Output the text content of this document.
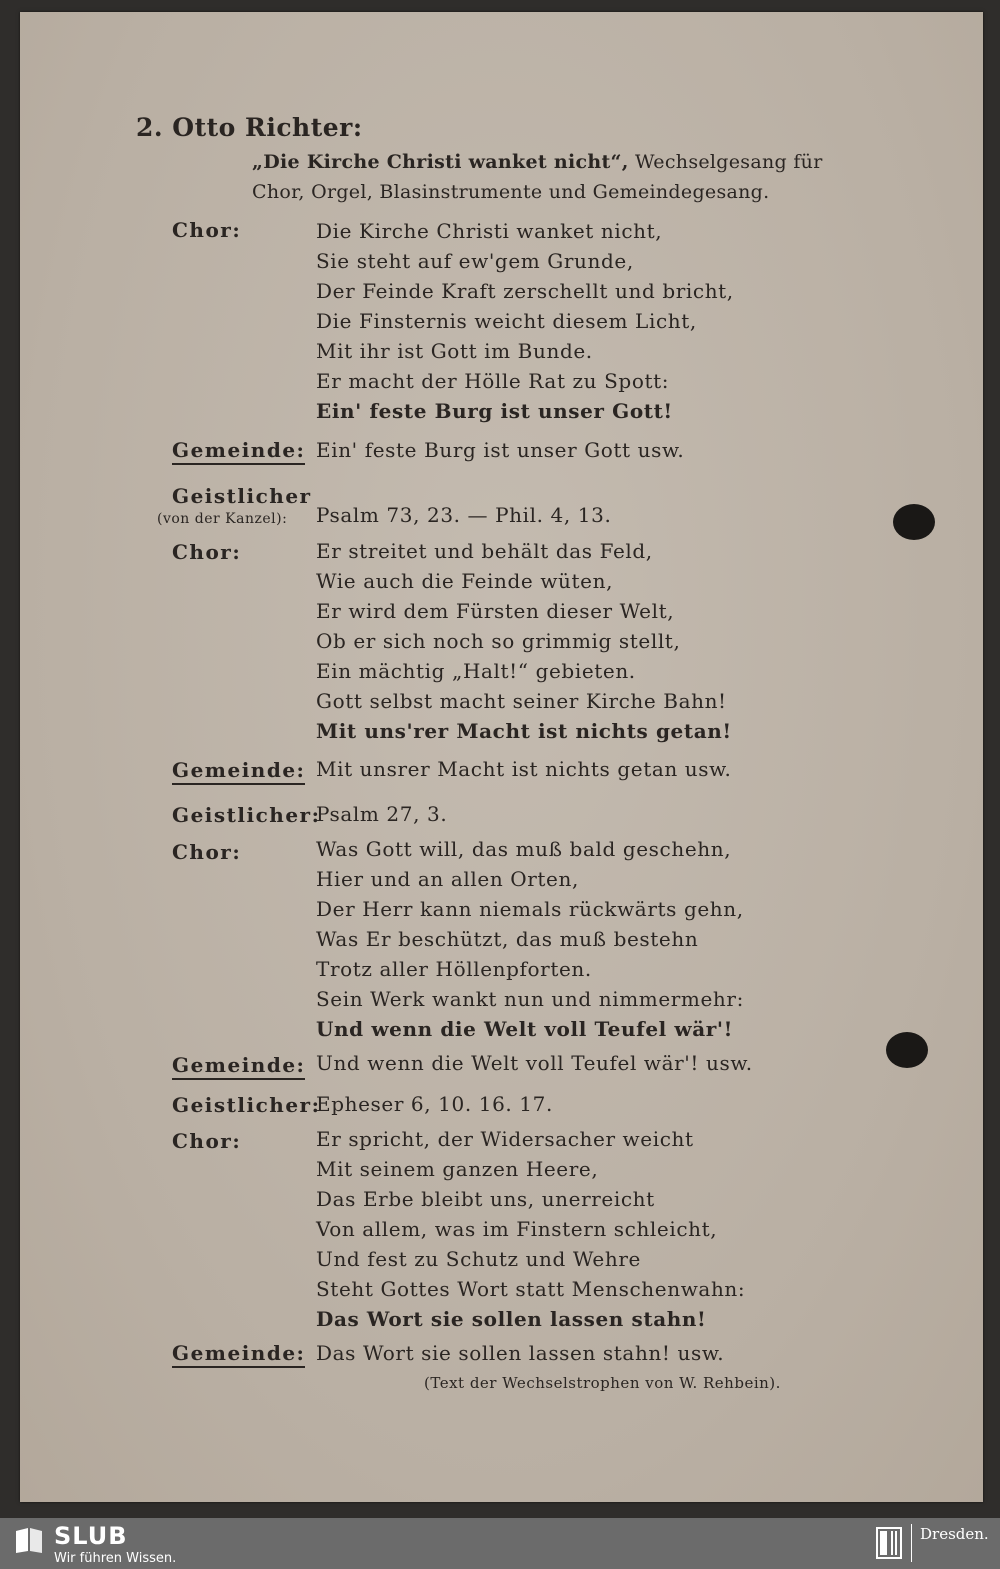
2. Otto Richter:
„Die Kirche Christi wanket nicht“, Wechselgesang für
Chor, Orgel, Blasinstrumente und Gemeindegesang.
Chor:	Die Kirche Christi wanket nicht,
Sie steht auf ew'gem Grunde,
Der Feinde Kraft zerschellt und bricht,
Die Finsternis weicht diesem Licht,
Mit ihr ist Gott im Bunde.
Er macht der Hölle Rat zu Spott:
Ein' feste Burg ist unser Gott!
Gemeinde: Ein' feste Burg ist unser Gott usw.
Geistlicher
(von der Kanzel): Psalm 73, 23. — Phil. 4, 13.
Chor:	Er streitet und behält das Feld,
Wie auch die Feinde wüten,
Er wird dem Fürsten dieser Welt,
Ob er sich noch so grimmig stellt,
Ein mächtig „Halt!“ gebieten.
Gott selbst macht seiner Kirche Bahn!
Mit uns'rer Macht ist nichts getan!
Gemeinde: Mit unsrer Macht ist nichts getan usw.
Geistlicher:
Psalm 27, 3.
Chor:	Was Gott will, das muß bald geschehn,
Hier und an allen Orten,
Der Herr kann niemals rückwärts gehn,
Was Er beschützt, das muß bestehn
Trotz aller Höllenpforten.
Sein Werk wankt nun und nimmermehr:
Und wenn die Welt voll Teufel wär'!
Gemeinde: Und wenn die Welt voll Teufel wär'! usw.
Geistlicher:
Epheser 6, 10. 16. 17.
Chor:	Er spricht, der Widersacher weicht
Mit seinem ganzen Heere,
Das Erbe bleibt uns, unerreicht
Von allem, was im Finstern schleicht,
Und fest zu Schutz und Wehre
Steht Gottes Wort statt Menschenwahn:
Das Wort sie sollen lassen stahn!
Gemeinde: Das Wort sie sollen lassen stahn! usw.
(Text der Wechselstrophen von W. Rehbein).
SLUB
Wir führen Wissen.
Dresden.
